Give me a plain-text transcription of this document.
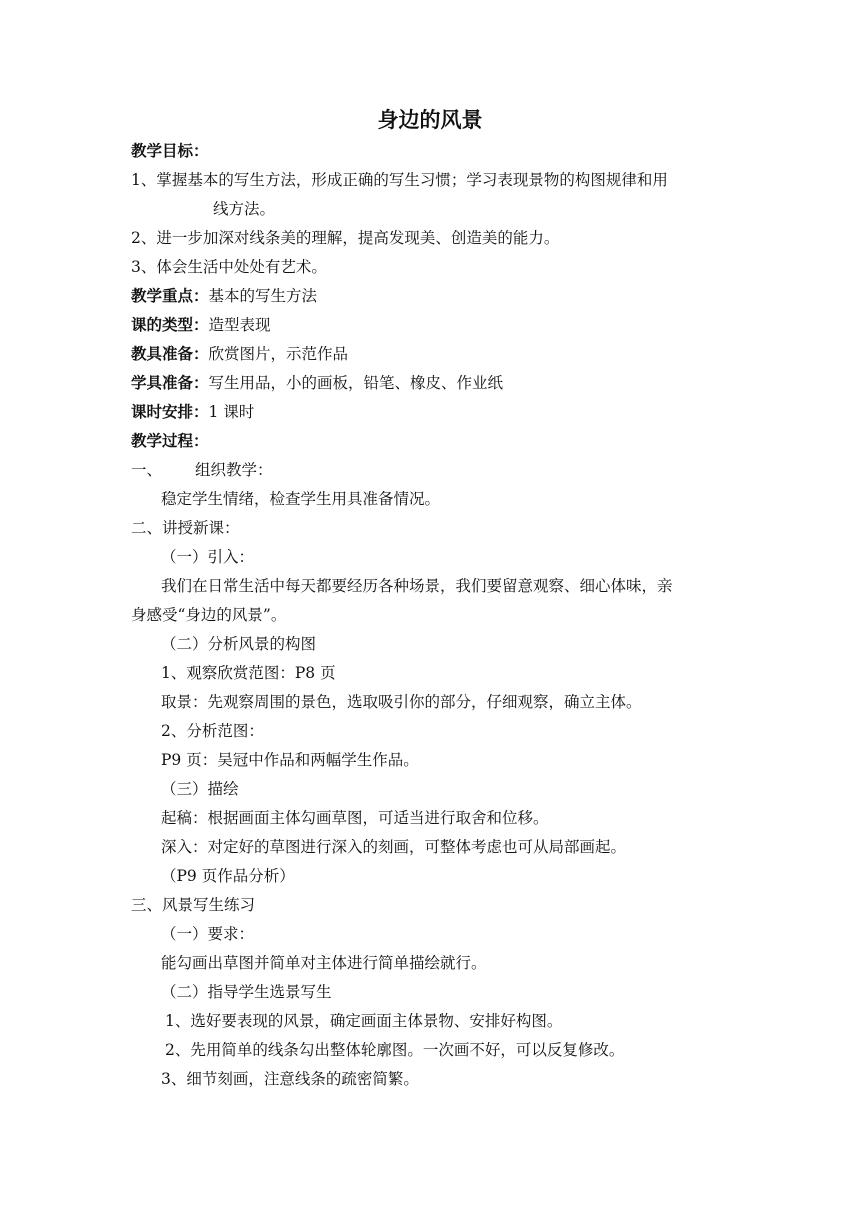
身边的风景
教学目标：
1、掌握基本的写生方法，形成正确的写生习惯；学习表现景物的构图规律和用
线方法。
2、进一步加深对线条美的理解，提高发现美、创造美的能力。
3、体会生活中处处有艺术。
教学重点：基本的写生方法
课的类型：造型表现
教具准备：欣赏图片，示范作品
学具准备：写生用品，小的画板，铅笔、橡皮、作业纸
课时安排：1 课时
教学过程：
一、 组织教学：
稳定学生情绪，检查学生用具准备情况。
二、讲授新课：
（一）引入：
我们在日常生活中每天都要经历各种场景，我们要留意观察、细心体味，亲
身感受“身边的风景”。
（二）分析风景的构图
1、观察欣赏范图：P8 页
取景：先观察周围的景色，选取吸引你的部分，仔细观察，确立主体。
2、分析范图：
P9 页：吴冠中作品和两幅学生作品。
（三）描绘
起稿：根据画面主体勾画草图，可适当进行取舍和位移。
深入：对定好的草图进行深入的刻画，可整体考虑也可从局部画起。
（P9 页作品分析）
三、风景写生练习
（一）要求：
能勾画出草图并简单对主体进行简单描绘就行。
（二）指导学生选景写生
1、选好要表现的风景，确定画面主体景物、安排好构图。
2、先用简单的线条勾出整体轮廓图。一次画不好，可以反复修改。
3、细节刻画，注意线条的疏密简繁。
